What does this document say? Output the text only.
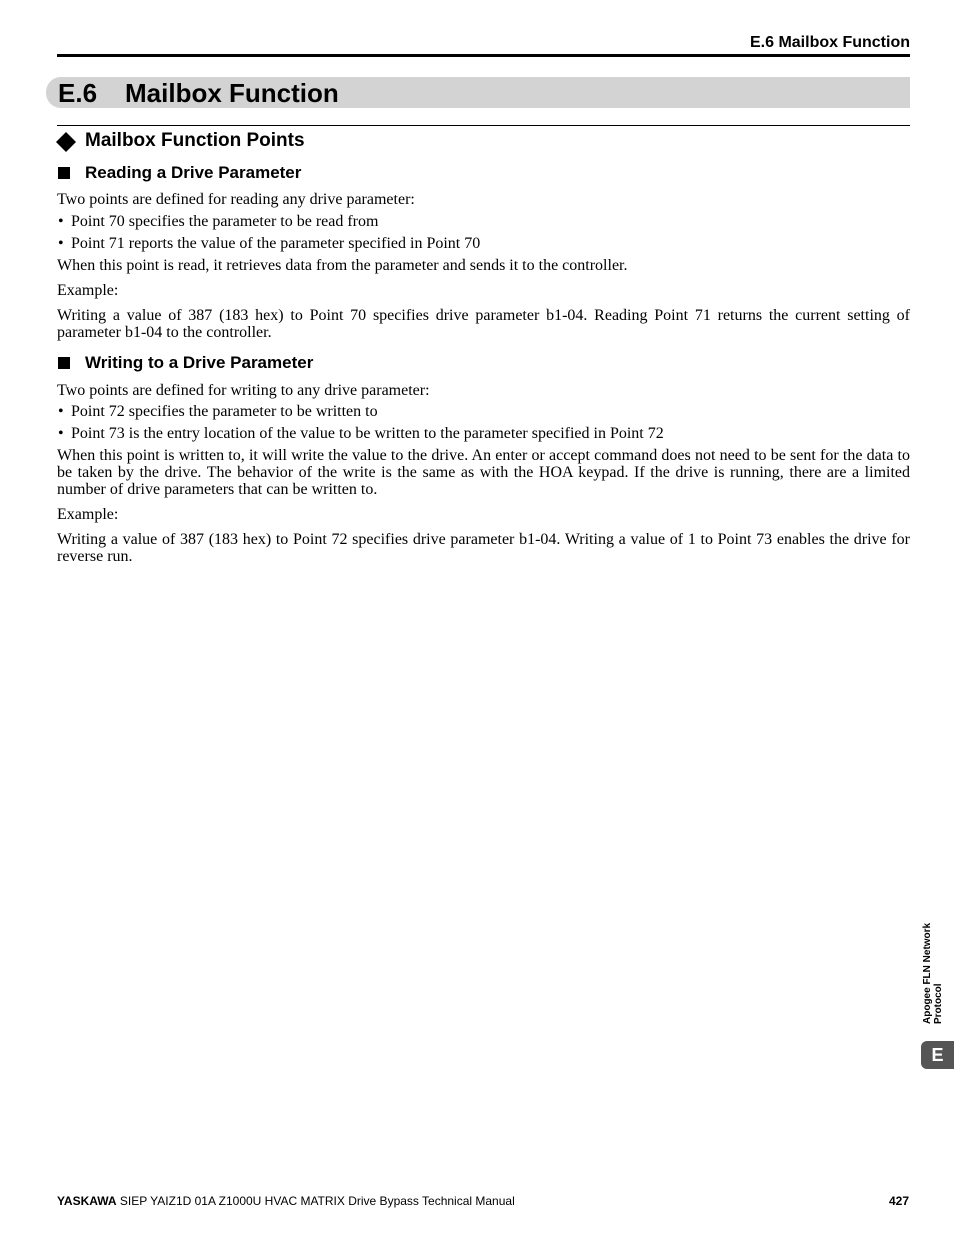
E.6 Mailbox Function
E.6 Mailbox Function
Mailbox Function Points
Reading a Drive Parameter
Two points are defined for reading any drive parameter:
• Point 70 specifies the parameter to be read from
• Point 71 reports the value of the parameter specified in Point 70
When this point is read, it retrieves data from the parameter and sends it to the controller.
Example:
Writing a value of 387 (183 hex) to Point 70 specifies drive parameter b1-04. Reading Point 71 returns the current setting of parameter b1-04 to the controller.
Writing to a Drive Parameter
Two points are defined for writing to any drive parameter:
• Point 72 specifies the parameter to be written to
• Point 73 is the entry location of the value to be written to the parameter specified in Point 72
When this point is written to, it will write the value to the drive. An enter or accept command does not need to be sent for the data to be taken by the drive. The behavior of the write is the same as with the HOA keypad. If the drive is running, there are a limited number of drive parameters that can be written to.
Example:
Writing a value of 387 (183 hex) to Point 72 specifies drive parameter b1-04. Writing a value of 1 to Point 73 enables the drive for reverse run.
Apogee FLN Network Protocol
E
YASKAWA SIEP YAIZ1D 01A Z1000U HVAC MATRIX Drive Bypass Technical Manual	427
